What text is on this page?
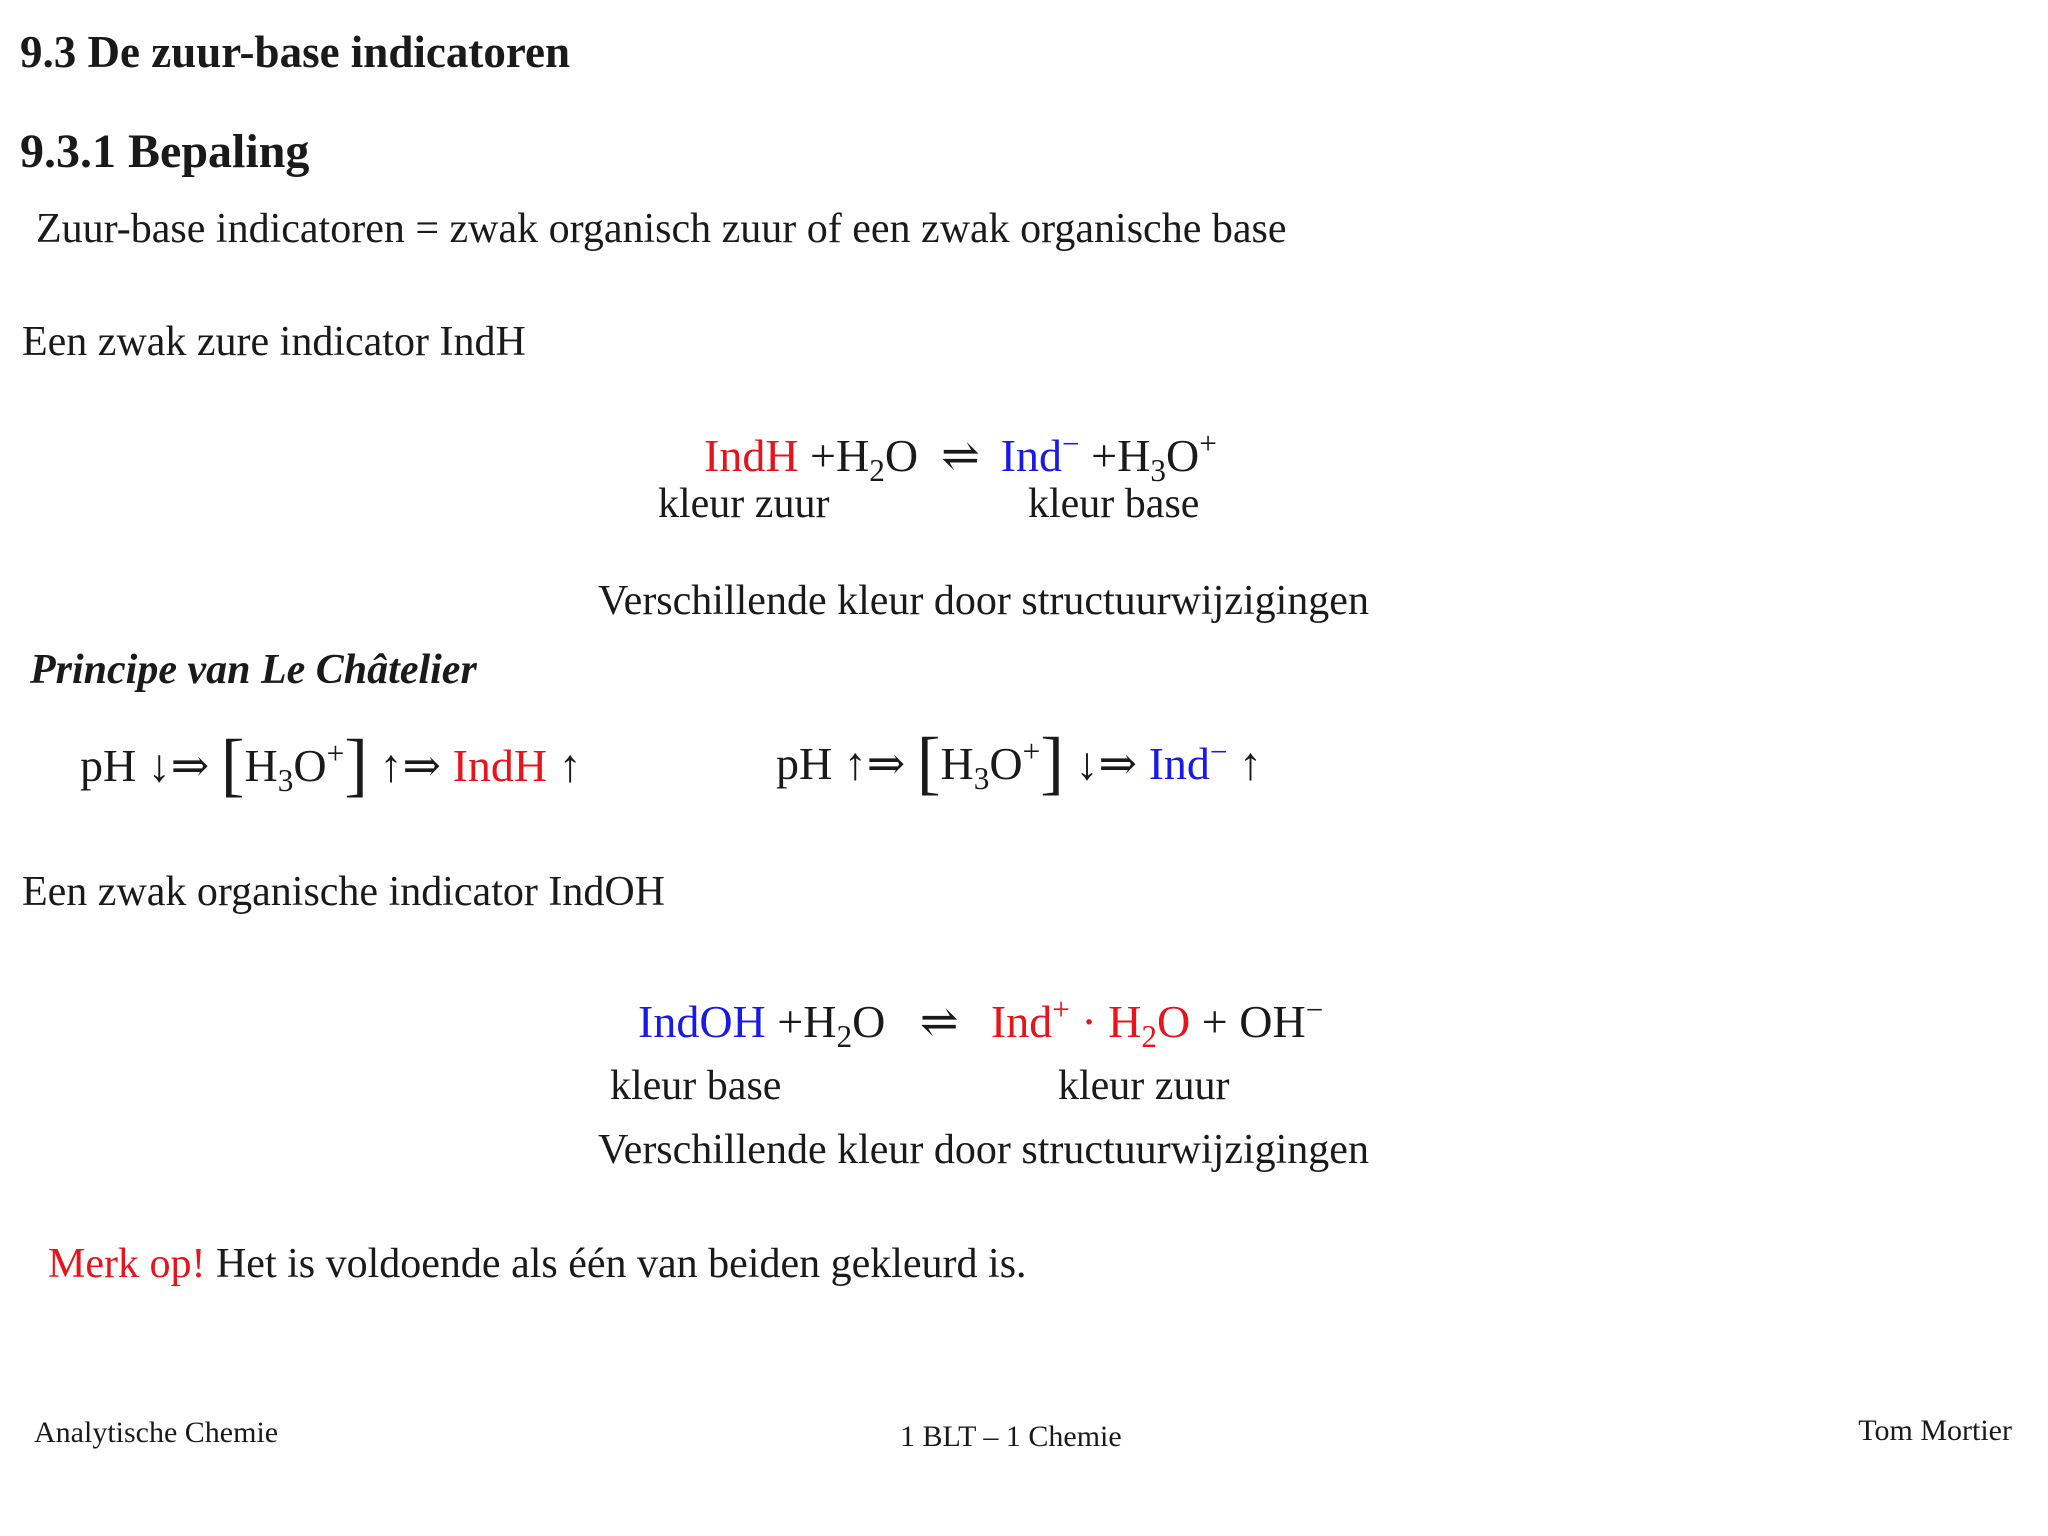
9.3 De zuur-base indicatoren
9.3.1 Bepaling
Zuur-base indicatoren = zwak organisch zuur of een zwak organische base
Een zwak zure indicator IndH
IndH $+H_2O$ ⇌ $Ind^- +H_3O^+$
kleur zuur	kleur base
Verschillende kleur door structuurwijzigingen
Principe van Le Châtelier
pH ↓⇒ $[H_3O^+]$ ↑⇒ IndH ↑	pH ↑⇒ $[H_3O^+]$ ↓⇒ Ind− ↑
Een zwak organische indicator IndOH
IndOH $+H_2O$ ⇌ $Ind^+ \cdot H_2O + OH^-$
kleur base	kleur zuur
Verschillende kleur door structuurwijzigingen
Merk op! Het is voldoende als één van beiden gekleurd is.
Analytische Chemie	1 BLT – 1 Chemie	Tom Mortier
